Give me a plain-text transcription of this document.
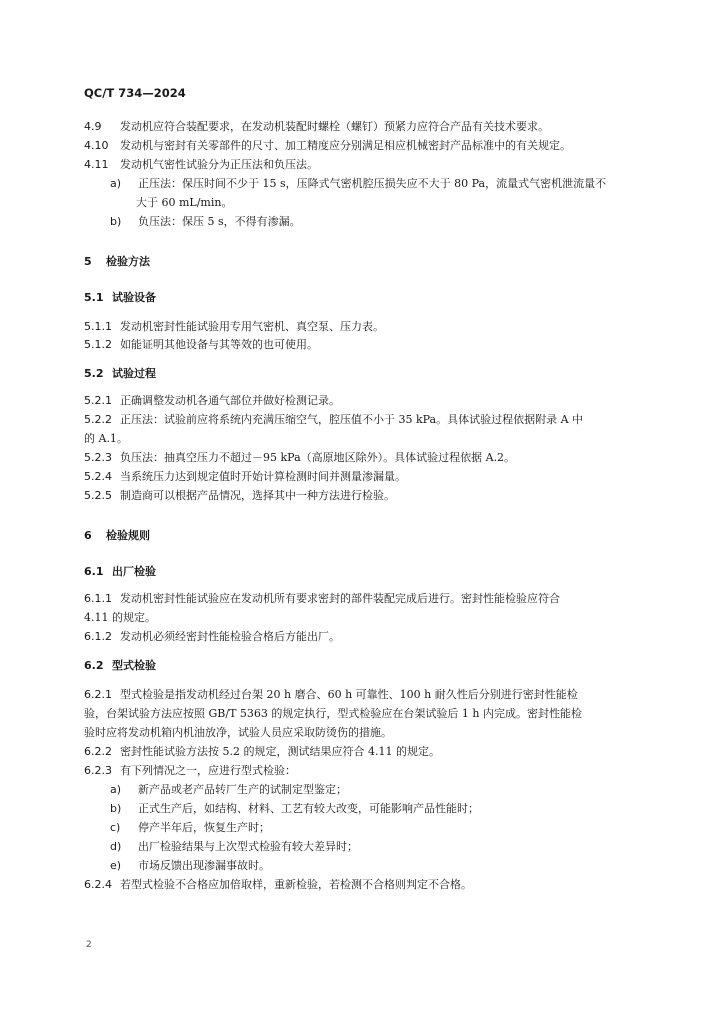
QC/T 734—2024
4.9 发动机应符合装配要求，在发动机装配时螺栓（螺钉）预紧力应符合产品有关技术要求。
4.10 发动机与密封有关零部件的尺寸、加工精度应分别满足相应机械密封产品标准中的有关规定。
4.11 发动机气密性试验分为正压法和负压法。
a) 正压法：保压时间不少于 15 s，压降式气密机腔压损失应不大于 80 Pa，流量式气密机泄流量不
大于 60 mL/min。
b) 负压法：保压 5 s，不得有渗漏。
5 检验方法
5.1 试验设备
5.1.1 发动机密封性能试验用专用气密机、真空泵、压力表。
5.1.2 如能证明其他设备与其等效的也可使用。
5.2 试验过程
5.2.1 正确调整发动机各通气部位并做好检测记录。
5.2.2 正压法：试验前应将系统内充满压缩空气，腔压值不小于 35 kPa。具体试验过程依据附录 A 中
的 A.1。
5.2.3 负压法：抽真空压力不超过－95 kPa（高原地区除外）。具体试验过程依据 A.2。
5.2.4 当系统压力达到规定值时开始计算检测时间并测量渗漏量。
5.2.5 制造商可以根据产品情况，选择其中一种方法进行检验。
6 检验规则
6.1 出厂检验
6.1.1 发动机密封性能试验应在发动机所有要求密封的部件装配完成后进行。密封性能检验应符合
4.11 的规定。
6.1.2 发动机必须经密封性能检验合格后方能出厂。
6.2 型式检验
6.2.1 型式检验是指发动机经过台架 20 h 磨合、60 h 可靠性、100 h 耐久性后分别进行密封性能检
验，台架试验方法应按照 GB/T 5363 的规定执行，型式检验应在台架试验后 1 h 内完成。密封性能检
验时应将发动机箱内机油放净，试验人员应采取防烫伤的措施。
6.2.2 密封性能试验方法按 5.2 的规定，测试结果应符合 4.11 的规定。
6.2.3 有下列情况之一，应进行型式检验：
a) 新产品或老产品转厂生产的试制定型鉴定；
b) 正式生产后，如结构、材料、工艺有较大改变，可能影响产品性能时；
c) 停产半年后，恢复生产时；
d) 出厂检验结果与上次型式检验有较大差异时；
e) 市场反馈出现渗漏事故时。
6.2.4 若型式检验不合格应加倍取样，重新检验，若检测不合格则判定不合格。
2
